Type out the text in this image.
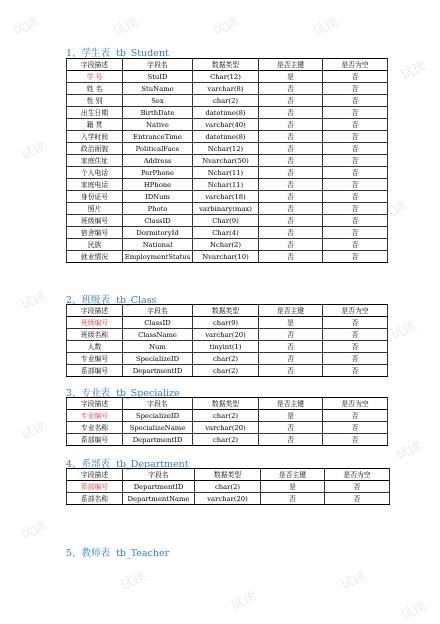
试读	试读	试读	试读
试读
试读
试读
试读
试读
试读
试读
试读
试读
试读
试读
试读
1、学生表 tb_Student
字段描述	字段名	数据类型	是否主键	是否为空
学 号	StuID	Char(12)	是	否
姓 名	StuName	varchar(8)	否	否
性 别	Sex	char(2)	否	否
出生日期	BirthDate	datetime(8)	否	否
籍 贯	Native	varchar(40)	否	否
入学时间	EntranceTime	datetime(8)	否	否
政治面貌	PoliticalFace	Nchar(12)	否	否
家庭住址	Address	Nvarchar(50)	否	否
个人电话	PerPhone	Nchar(11)	否	否
家庭电话	HPhone	Nchar(11)	否	否
身份证号	IDNum	varchar(18)	否	否
照片	Photo	varbinary(max)	否	否
班级编号	ClassID	Char(9)	否	否
宿舍编号	DormitoryId	Char(4)	否	否
民族	National	Nchar(2)	否	否
就业情况	EmploymentStatus	Nvarchar(10)	否	否
2、班级表 tb_Class
字段描述	字段名	数据类型	是否主键	是否为空
班级编号	ClassID	char(9)	是	否
班级名称	ClassName	varchar(20)	否	否
人数	Num	tinyint(1)	否	否
专业编号	SpecializeID	char(2)	否	否
系部编号	DepartmentID	char(2)	否	否
3、专业表 tb_Specialize
字段描述	字段名	数据类型	是否主键	是否为空
专业编号	SpecializeID	char(2)	是	否
专业名称	SpecializeName	varchar(20)	否	否
系部编号	DepartmentID	char(2)	否	否
4、系部表 tb_Department
字段描述	字段名	数据类型	是否主键	是否为空
系部编号	DepartmentID	char(2)	是	否
系部名称	DepartmentName	varchar(20)	否	否
5、教师表 tb_Teacher
